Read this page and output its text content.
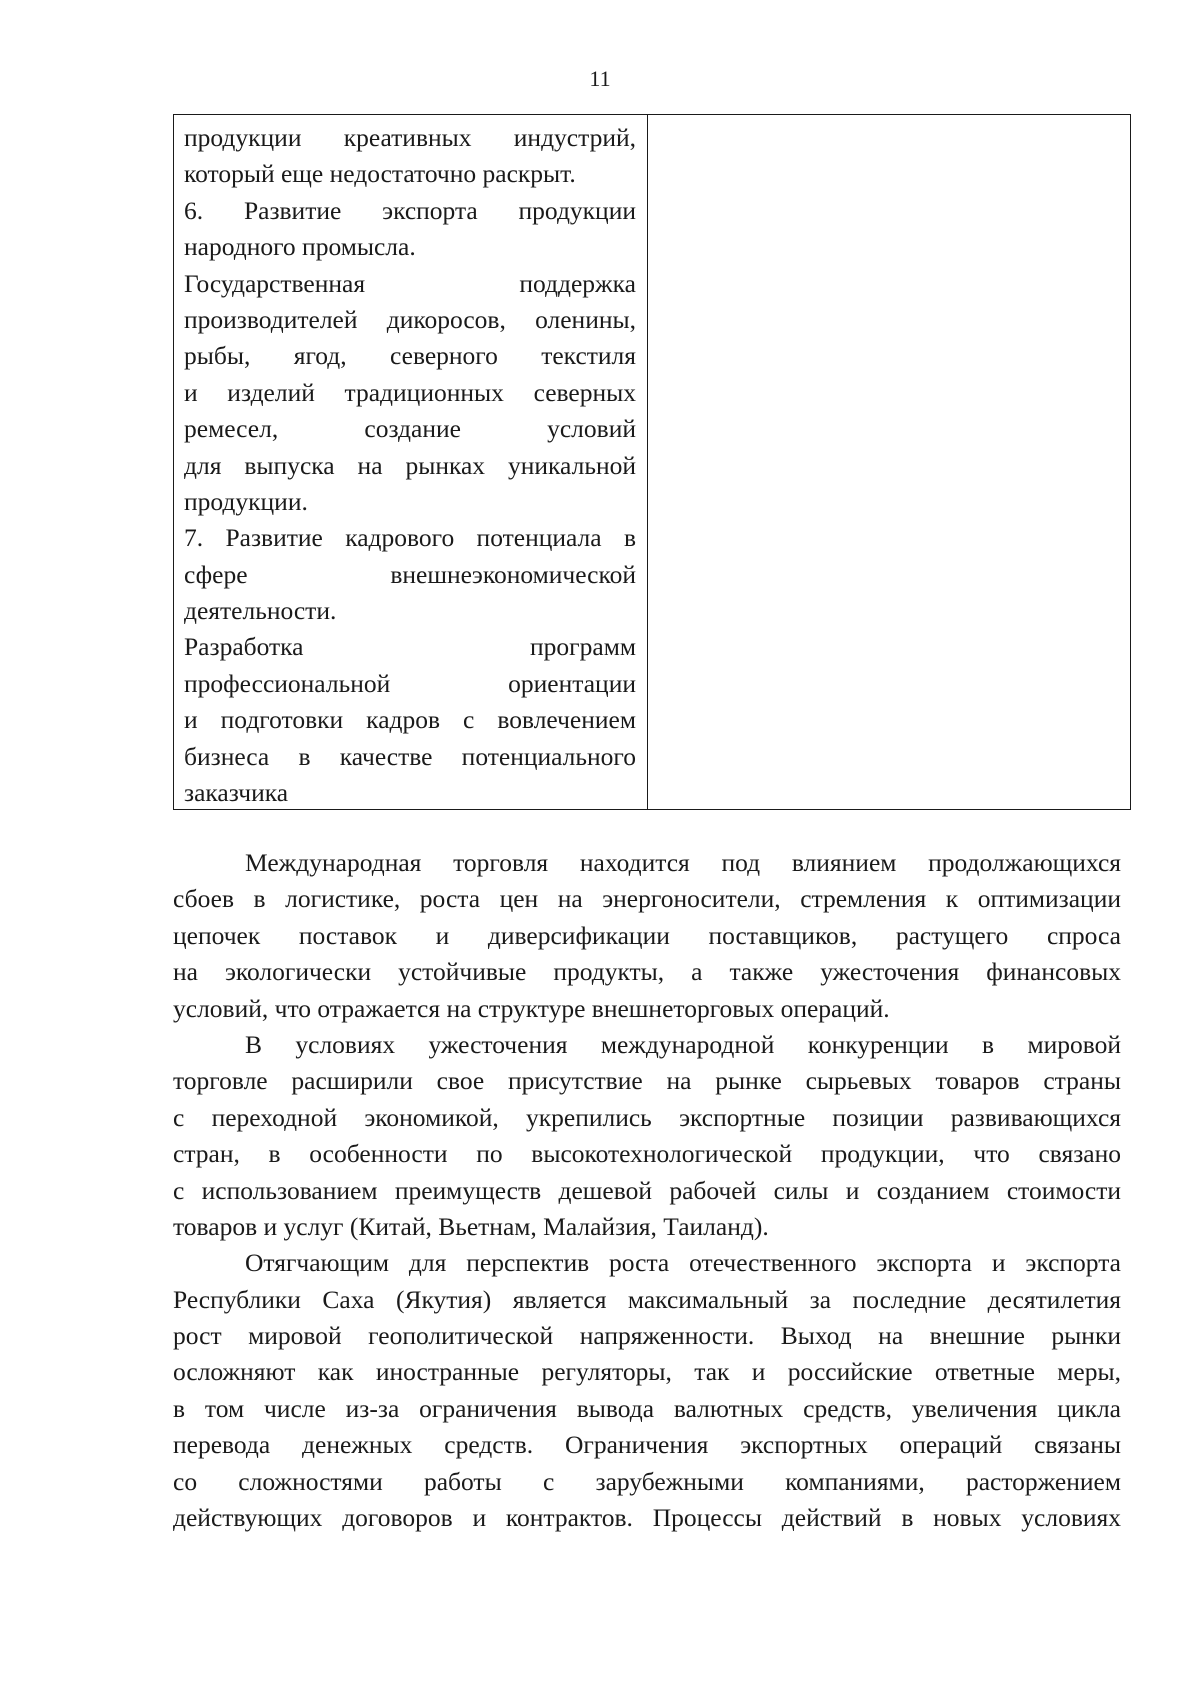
11
продукции креативных индустрий,
который еще недостаточно раскрыт.
6. Развитие экспорта продукции
народного промысла.
Государственная поддержка
производителей дикоросов, оленины,
рыбы, ягод, северного текстиля
и изделий традиционных северных
ремесел, создание условий
для выпуска на рынках уникальной
продукции.
7. Развитие кадрового потенциала в
сфере внешнеэкономической
деятельности.
Разработка программ
профессиональной ориентации
и подготовки кадров с вовлечением
бизнеса в качестве потенциального
заказчика
Международная торговля находится под влиянием продолжающихся
сбоев в логистике, роста цен на энергоносители, стремления к оптимизации
цепочек поставок и диверсификации поставщиков, растущего спроса
на экологически устойчивые продукты, а также ужесточения финансовых
условий, что отражается на структуре внешнеторговых операций.
В условиях ужесточения международной конкуренции в мировой
торговле расширили свое присутствие на рынке сырьевых товаров страны
с переходной экономикой, укрепились экспортные позиции развивающихся
стран, в особенности по высокотехнологической продукции, что связано
с использованием преимуществ дешевой рабочей силы и созданием стоимости
товаров и услуг (Китай, Вьетнам, Малайзия, Таиланд).
Отягчающим для перспектив роста отечественного экспорта и экспорта
Республики Саха (Якутия) является максимальный за последние десятилетия
рост мировой геополитической напряженности. Выход на внешние рынки
осложняют как иностранные регуляторы, так и российские ответные меры,
в том числе из-за ограничения вывода валютных средств, увеличения цикла
перевода денежных средств. Ограничения экспортных операций связаны
со сложностями работы с зарубежными компаниями, расторжением
действующих договоров и контрактов. Процессы действий в новых условиях
